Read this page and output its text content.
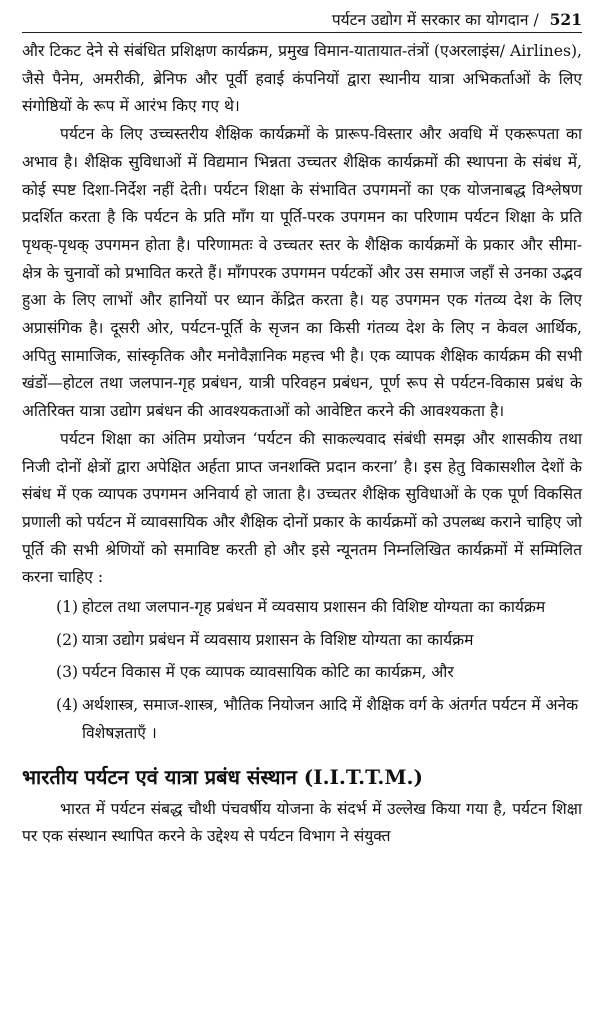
पर्यटन उद्योग में सरकार का योगदान / 521

और टिकट देने से संबंधित प्रशिक्षण कार्यक्रम, प्रमुख विमान-यातायात-तंत्रों (एअरलाइंस/ Airlines), जैसे पैनेम, अमरीकी, ब्रेनिफ और पूर्वी हवाई कंपनियों द्वारा स्थानीय यात्रा अभिकर्ताओं के लिए संगोष्ठियों के रूप में आरंभ किए गए थे।

पर्यटन के लिए उच्चस्तरीय शैक्षिक कार्यक्रमों के प्रारूप-विस्तार और अवधि में एकरूपता का अभाव है। शैक्षिक सुविधाओं में विद्यमान भिन्नता उच्चतर शैक्षिक कार्यक्रमों की स्थापना के संबंध में, कोई स्पष्ट दिशा-निर्देश नहीं देती। पर्यटन शिक्षा के संभावित उपगमनों का एक योजनाबद्ध विश्लेषण प्रदर्शित करता है कि पर्यटन के प्रति माँग या पूर्ति-परक उपगमन का परिणाम पर्यटन शिक्षा के प्रति पृथक्-पृथक् उपगमन होता है। परिणामतः वे उच्चतर स्तर के शैक्षिक कार्यक्रमों के प्रकार और सीमा-क्षेत्र के चुनावों को प्रभावित करते हैं। माँगपरक उपगमन पर्यटकों और उस समाज जहाँ से उनका उद्भव हुआ के लिए लाभों और हानियों पर ध्यान केंद्रित करता है। यह उपगमन एक गंतव्य देश के लिए अप्रासंगिक है। दूसरी ओर, पर्यटन-पूर्ति के सृजन का किसी गंतव्य देश के लिए न केवल आर्थिक, अपितु सामाजिक, सांस्कृतिक और मनोवैज्ञानिक महत्त्व भी है। एक व्यापक शैक्षिक कार्यक्रम की सभी खंडों—होटल तथा जलपान-गृह प्रबंधन, यात्री परिवहन प्रबंधन, पूर्ण रूप से पर्यटन-विकास प्रबंध के अतिरिक्त यात्रा उद्योग प्रबंधन की आवश्यकताओं को आवेष्टित करने की आवश्यकता है।

पर्यटन शिक्षा का अंतिम प्रयोजन ‘पर्यटन की साकल्यवाद संबंधी समझ और शासकीय तथा निजी दोनों क्षेत्रों द्वारा अपेक्षित अर्हता प्राप्त जनशक्ति प्रदान करना’ है। इस हेतु विकासशील देशों के संबंध में एक व्यापक उपगमन अनिवार्य हो जाता है। उच्चतर शैक्षिक सुविधाओं के एक पूर्ण विकसित प्रणाली को पर्यटन में व्यावसायिक और शैक्षिक दोनों प्रकार के कार्यक्रमों को उपलब्ध कराने चाहिए जो पूर्ति की सभी श्रेणियों को समाविष्ट करती हो और इसे न्यूनतम निम्नलिखित कार्यक्रमों में सम्मिलित करना चाहिए :

(1) होटल तथा जलपान-गृह प्रबंधन में व्यवसाय प्रशासन की विशिष्ट योग्यता का कार्यक्रम
(2) यात्रा उद्योग प्रबंधन में व्यवसाय प्रशासन के विशिष्ट योग्यता का कार्यक्रम
(3) पर्यटन विकास में एक व्यापक व्यावसायिक कोटि का कार्यक्रम, और
(4) अर्थशास्त्र, समाज-शास्त्र, भौतिक नियोजन आदि में शैक्षिक वर्ग के अंतर्गत पर्यटन में अनेक विशेषज्ञताएँ ।
भारतीय पर्यटन एवं यात्रा प्रबंध संस्थान (I.I.T.T.M.)

भारत में पर्यटन संबद्ध चौथी पंचवर्षीय योजना के संदर्भ में उल्लेख किया गया है, पर्यटन शिक्षा पर एक संस्थान स्थापित करने के उद्देश्य से पर्यटन विभाग ने संयुक्त
